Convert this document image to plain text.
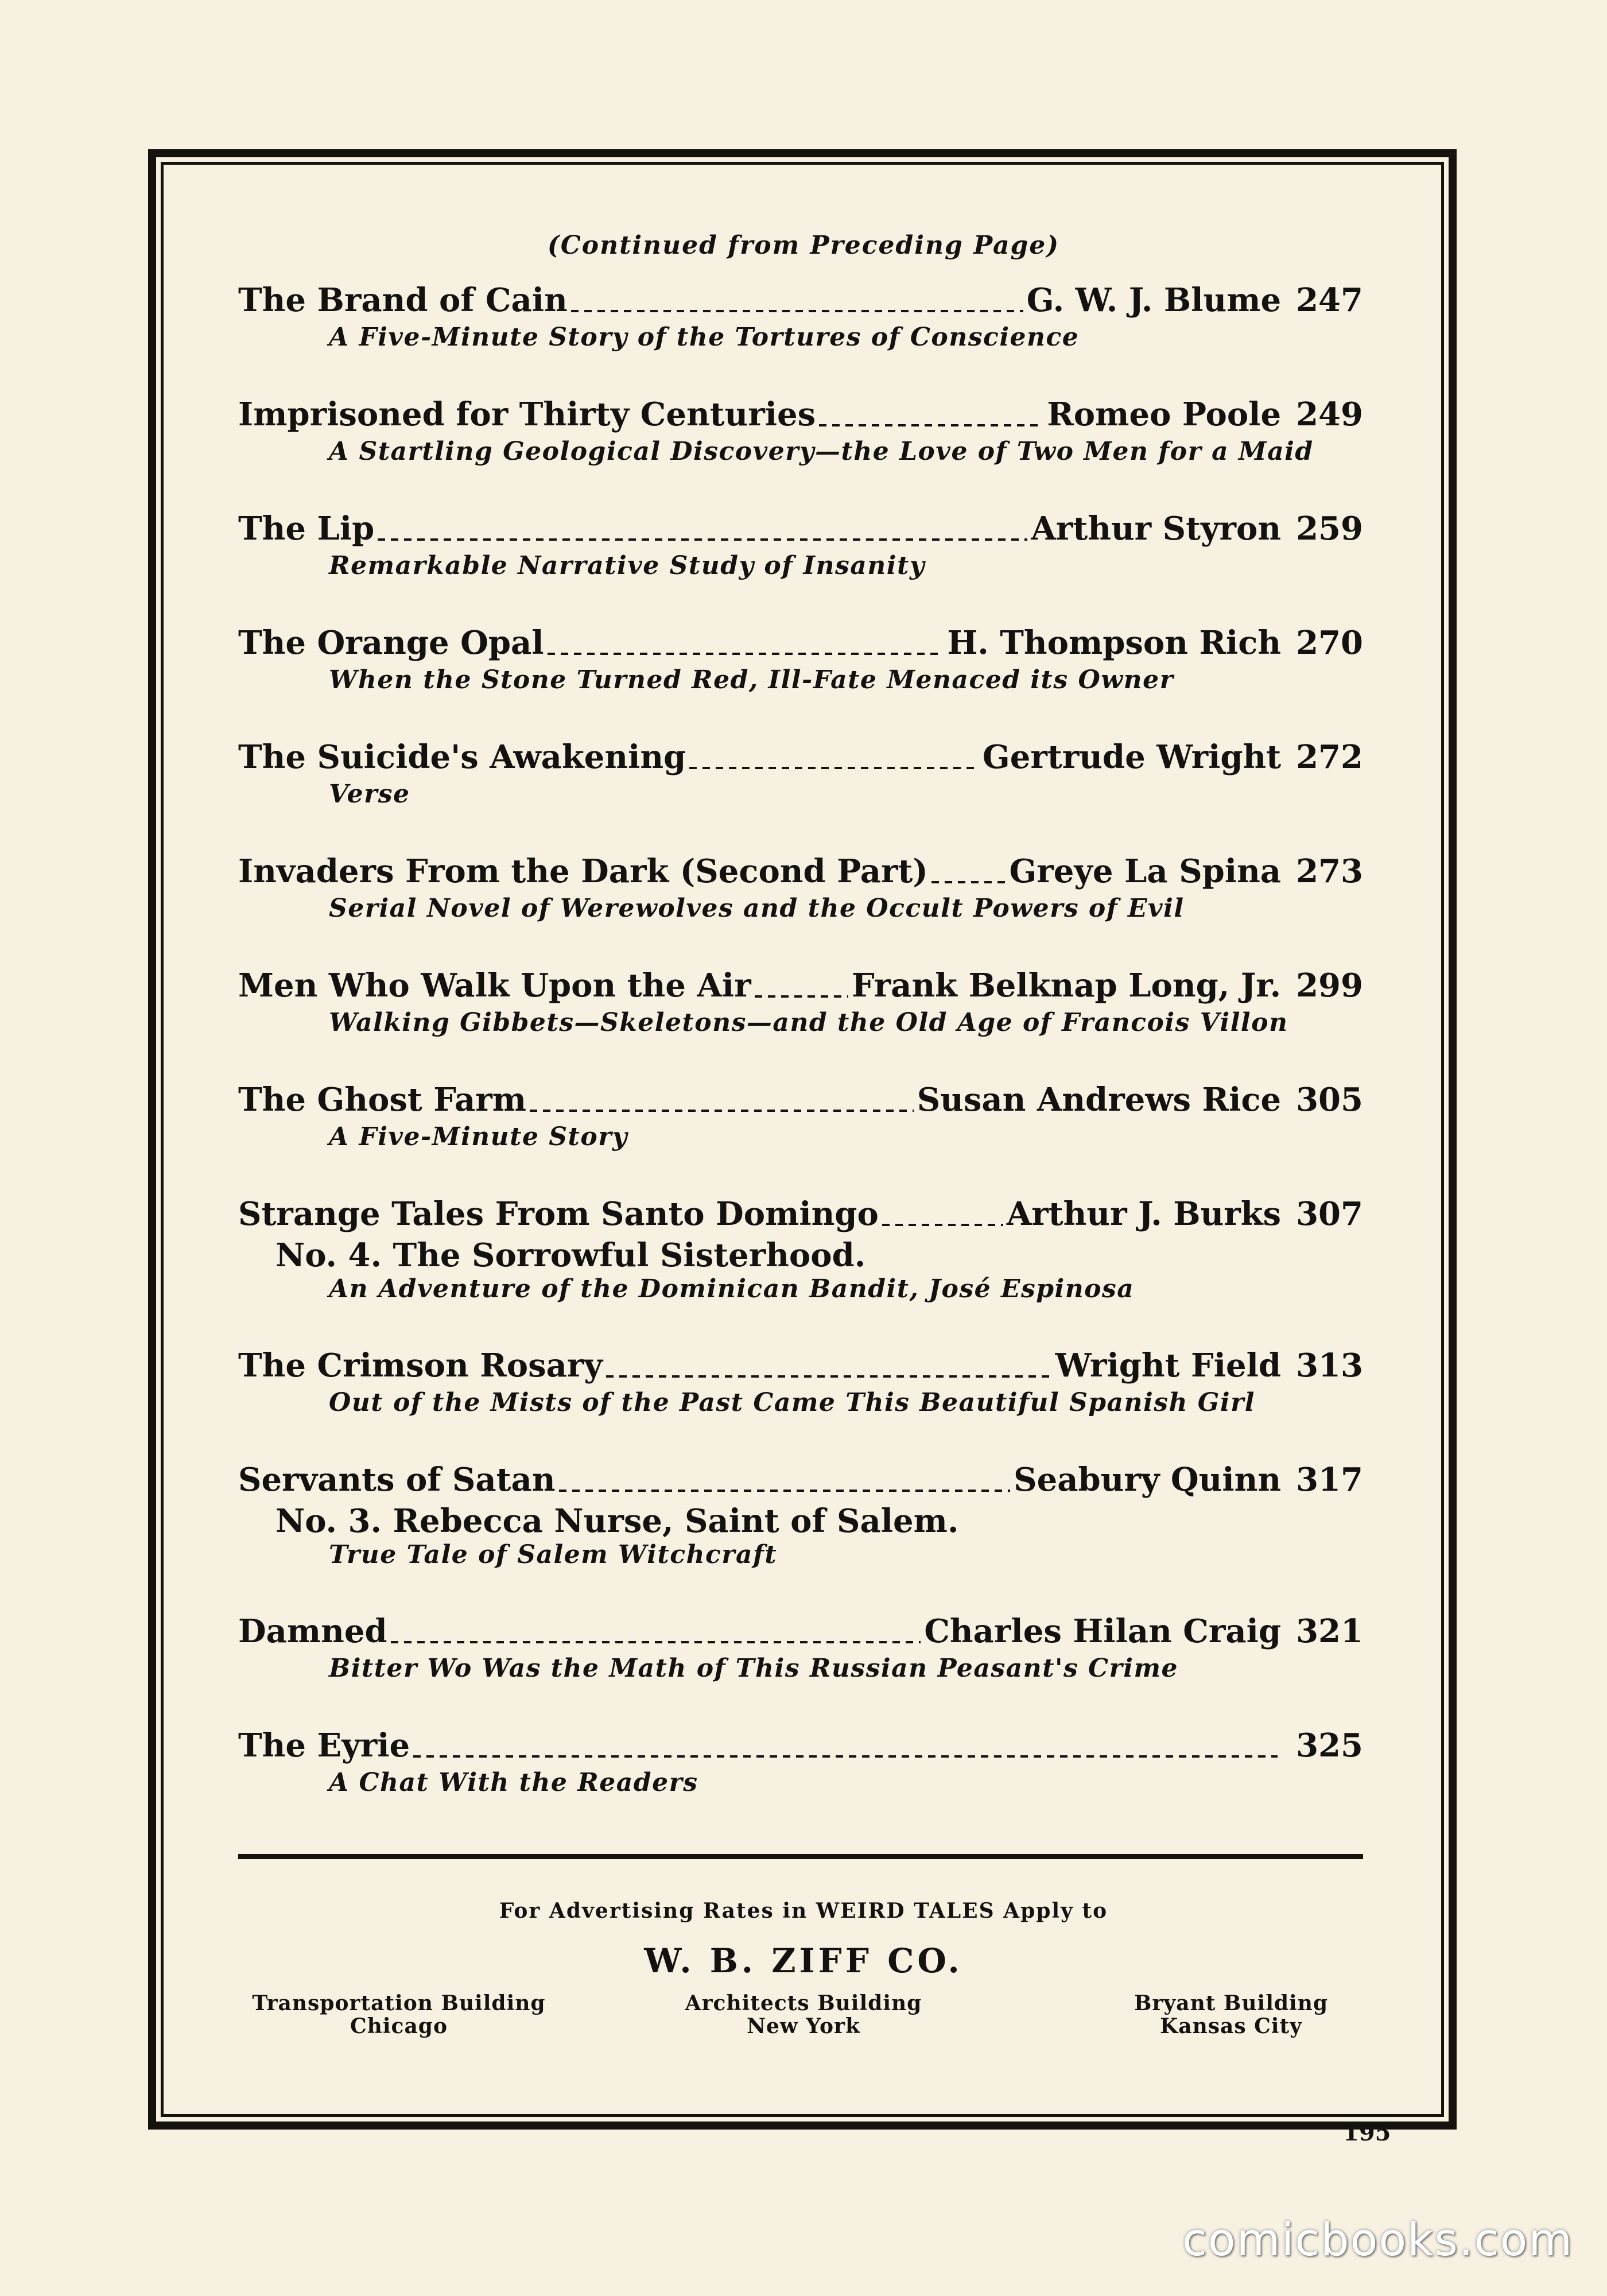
(Continued from Preceding Page)
The Brand of Cain	G. W. J. Blume 247
A Five-Minute Story of the Tortures of Conscience
Imprisoned for Thirty Centuries	Romeo Poole 249
A Startling Geological Discovery—the Love of Two Men for a Maid
The Lip	Arthur Styron 259
Remarkable Narrative Study of Insanity
The Orange Opal	H. Thompson Rich 270
When the Stone Turned Red, Ill-Fate Menaced its Owner
The Suicide's Awakening	Gertrude Wright 272
Verse
Invaders From the Dark (Second Part)	Greye La Spina 273
Serial Novel of Werewolves and the Occult Powers of Evil
Men Who Walk Upon the Air	Frank Belknap Long, Jr. 299
Walking Gibbets—Skeletons—and the Old Age of Francois Villon
The Ghost Farm	Susan Andrews Rice 305
A Five-Minute Story
Strange Tales From Santo Domingo	Arthur J. Burks 307
No. 4. The Sorrowful Sisterhood.
An Adventure of the Dominican Bandit, José Espinosa
The Crimson Rosary	Wright Field 313
Out of the Mists of the Past Came This Beautiful Spanish Girl
Servants of Satan	Seabury Quinn 317
No. 3. Rebecca Nurse, Saint of Salem.
True Tale of Salem Witchcraft
Damned	Charles Hilan Craig 321
Bitter Wo Was the Math of This Russian Peasant's Crime
The Eyrie	325
A Chat With the Readers
For Advertising Rates in WEIRD TALES Apply to
W. B. ZIFF CO.
Transportation Building
Chicago
Architects Building
New York
Bryant Building
Kansas City
195
comicbooks.com
